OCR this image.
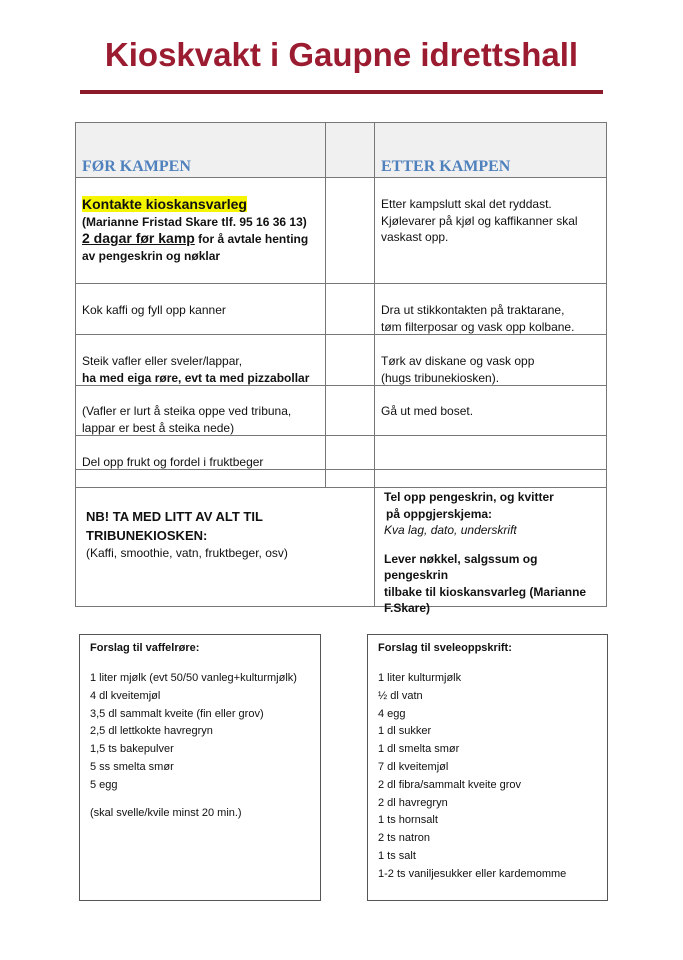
Kioskvakt i Gaupne idrettshall
FØR KAMPEN	ETTER KAMPEN
Kontakte kioskansvarleg
(Marianne Fristad Skare tlf. 95 16 36 13)
2 dagar før kamp for å avtale henting
av pengeskrin og nøklar
Etter kampslutt skal det ryddast.
Kjølevarer på kjøl og kaffikanner skal
vaskast opp.
Kok kaffi og fyll opp kanner	Dra ut stikkontakten på traktarane,
tøm filterposar og vask opp kolbane.
Steik vafler eller sveler/lappar,
ha med eiga røre, evt ta med pizzabollar
Tørk av diskane og vask opp
(hugs tribunekiosken).
(Vafler er lurt å steika oppe ved tribuna,
lappar er best å steika nede)
Gå ut med boset.
Del opp frukt og fordel i fruktbeger
NB! TA MED LITT AV ALT TIL
TRIBUNEKIOSKEN:
(Kaffi, smoothie, vatn, fruktbeger, osv)
Tel opp pengeskrin, og kvitter
på oppgjerskjema:
Kva lag, dato, underskrift
Lever nøkkel, salgssum og pengeskrin
tilbake til kioskansvarleg (Marianne
F.Skare)
Forslag til vaffelrøre:
1 liter mjølk (evt 50/50 vanleg+kulturmjølk)
4 dl kveitemjøl
3,5 dl sammalt kveite (fin eller grov)
2,5 dl lettkokte havregryn
1,5 ts bakepulver
5 ss smelta smør
5 egg
(skal svelle/kvile minst 20 min.)
Forslag til sveleoppskrift:
1 liter kulturmjølk
½ dl vatn
4 egg
1 dl sukker
1 dl smelta smør
7 dl kveitemjøl
2 dl fibra/sammalt kveite grov
2 dl havregryn
1 ts hornsalt
2 ts natron
1 ts salt
1-2 ts vaniljesukker eller kardemomme
